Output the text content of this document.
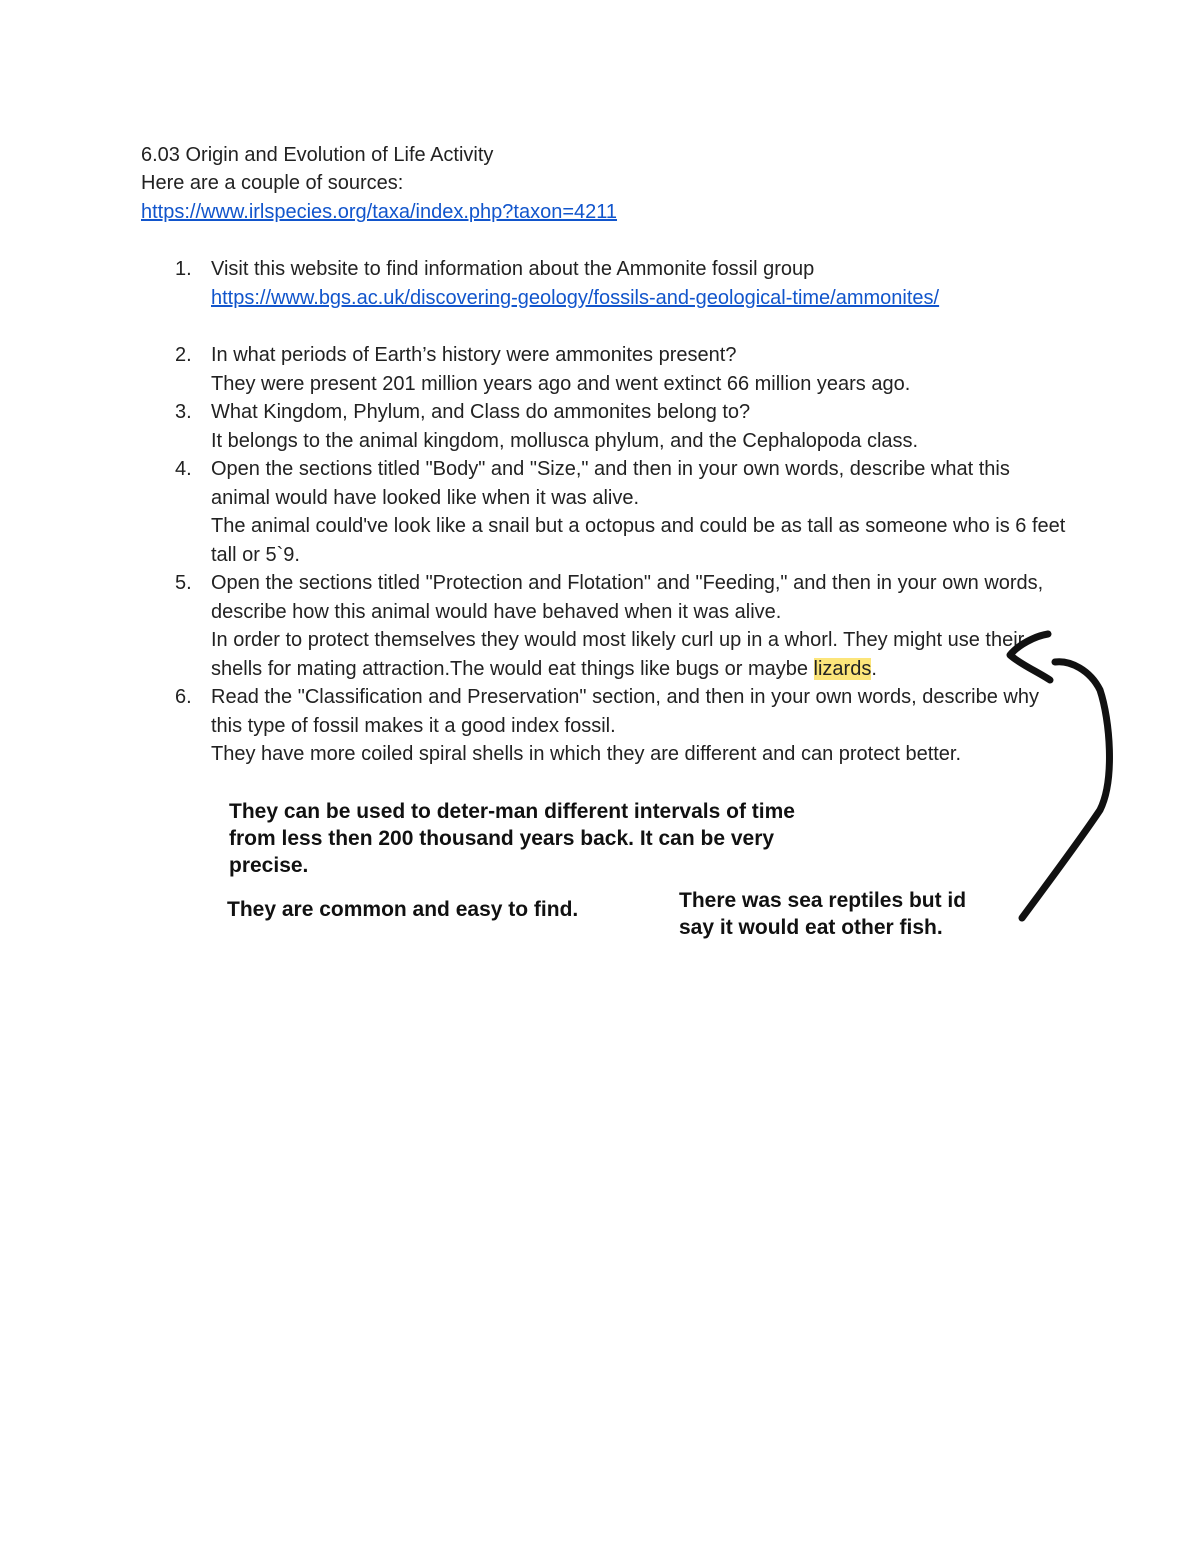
6.03 Origin and Evolution of Life Activity
Here are a couple of sources:
https://www.irlspecies.org/taxa/index.php?taxon=4211
1. Visit this website to find information about the Ammonite fossil group
https://www.bgs.ac.uk/discovering-geology/fossils-and-geological-time/ammonites/
2. In what periods of Earth’s history were ammonites present?
They were present 201 million years ago and went extinct 66 million years ago.
3. What Kingdom, Phylum, and Class do ammonites belong to?
It belongs to the animal kingdom, mollusca phylum, and the Cephalopoda class.
4. Open the sections titled "Body" and "Size," and then in your own words, describe what this animal would have looked like when it was alive.
The animal could've look like a snail but a octopus and could be as tall as someone who is 6 feet tall or 5`9.
5. Open the sections titled "Protection and Flotation" and "Feeding," and then in your own words, describe how this animal would have behaved when it was alive.
In order to protect themselves they would most likely curl up in a whorl. They might use their shells for mating attraction.The would eat things like bugs or maybe lizards.
6. Read the "Classification and Preservation" section, and then in your own words, describe why this type of fossil makes it a good index fossil.
They have more coiled spiral shells in which they are different and can protect better.
They can be used to deter-man different intervals of time from less then 200 thousand years back. It can be very precise.
They are common and easy to find.	There was sea reptiles but id say it would eat other fish.
